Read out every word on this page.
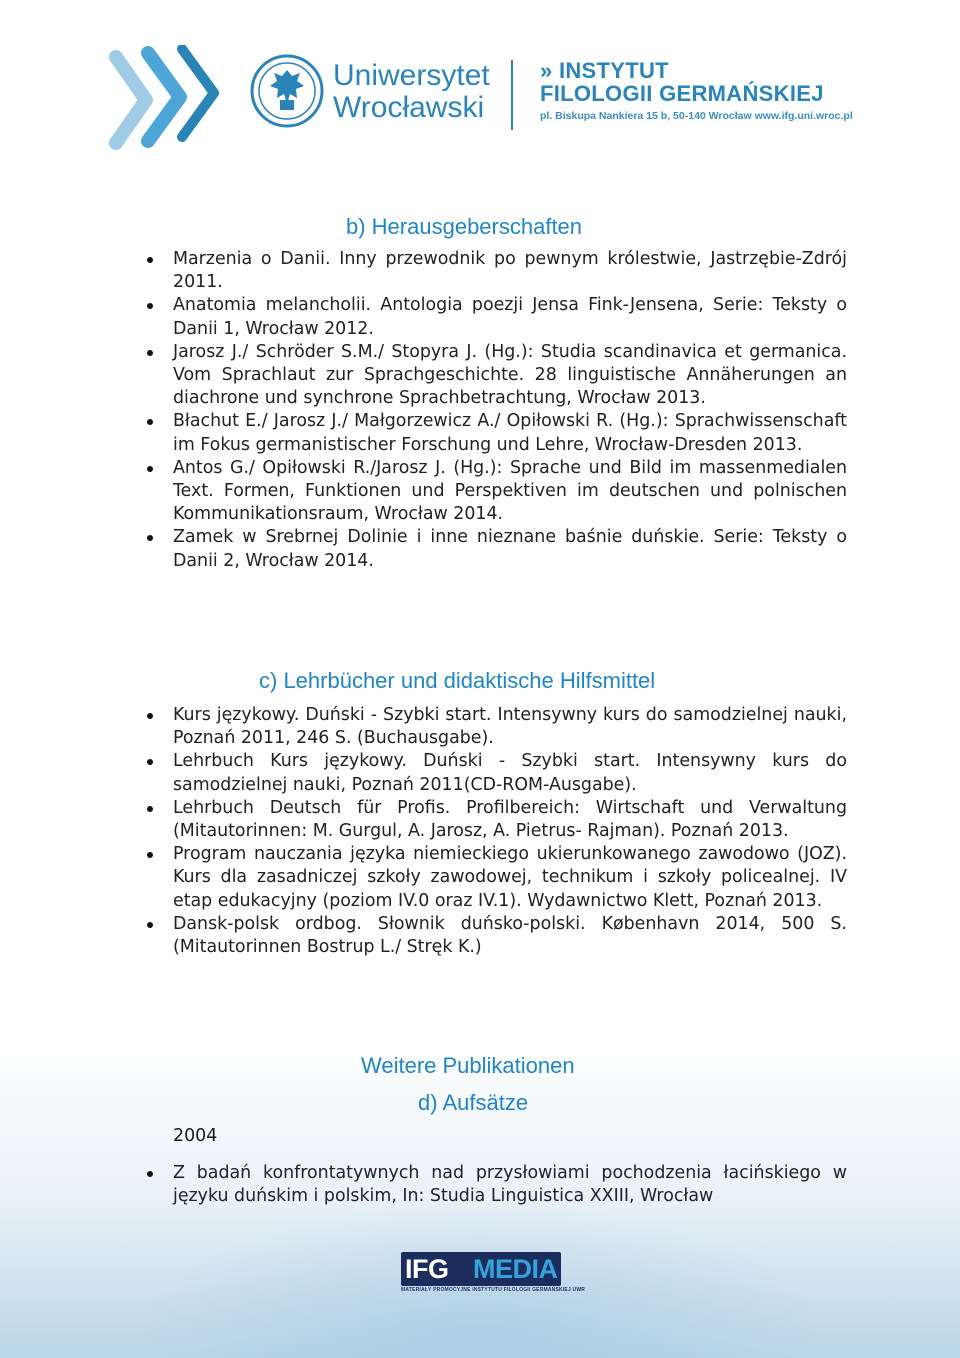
Uniwersytet
Wrocławski
» INSTYTUT
FILOLOGII GERMAŃSKIEJ
pl. Biskupa Nankiera 15 b, 50-140 Wrocław www.ifg.uni.wroc.pl
b) Herausgeberschaften
Marzenia o Danii. Inny przewodnik po pewnym królestwie, Jastrzębie-Zdrój 2011.
Anatomia melancholii. Antologia poezji Jensa Fink-Jensena, Serie: Teksty o Danii 1, Wrocław 2012.
Jarosz J./ Schröder S.M./ Stopyra J. (Hg.): Studia scandinavica et germanica. Vom Sprachlaut zur Sprachgeschichte. 28 linguistische Annäherungen an diachrone und synchrone Sprachbetrachtung, Wrocław 2013.
Błachut E./ Jarosz J./ Małgorzewicz A./ Opiłowski R. (Hg.): Sprachwissenschaft im Fokus germanistischer Forschung und Lehre, Wrocław-Dresden 2013.
Antos G./ Opiłowski R./Jarosz J. (Hg.): Sprache und Bild im massenmedialen Text. Formen, Funktionen und Perspektiven im deutschen und polnischen Kommunikationsraum, Wrocław 2014.
Zamek w Srebrnej Dolinie i inne nieznane baśnie duńskie. Serie: Teksty o Danii 2, Wrocław 2014.
c) Lehrbücher und didaktische Hilfsmittel
Kurs językowy. Duński - Szybki start. Intensywny kurs do samodzielnej nauki, Poznań 2011, 246 S. (Buchausgabe).
Lehrbuch Kurs językowy. Duński - Szybki start. Intensywny kurs do samodzielnej nauki, Poznań 2011(CD-ROM-Ausgabe).
Lehrbuch Deutsch für Profis. Profilbereich: Wirtschaft und Verwaltung (Mitautorinnen: M. Gurgul, A. Jarosz, A. Pietrus- Rajman). Poznań 2013.
Program nauczania języka niemieckiego ukierunkowanego zawodowo (JOZ). Kurs dla zasadniczej szkoły zawodowej, technikum i szkoły policealnej. IV etap edukacyjny (poziom IV.0 oraz IV.1). Wydawnictwo Klett, Poznań 2013.
Dansk-polsk ordbog. Słownik duńsko-polski. København 2014, 500 S. (Mitautorinnen Bostrup L./ Stręk K.)
Weitere Publikationen
d) Aufsätze
2004
Z badań konfrontatywnych nad przysłowiami pochodzenia łacińskiego w języku duńskim i polskim, In: Studia Linguistica XXIII, Wrocław
IFG MEDIA
MATERIAŁY PROMOCYJNE INSTYTUTU FILOLOGII GERMAŃSKIEJ UWR
